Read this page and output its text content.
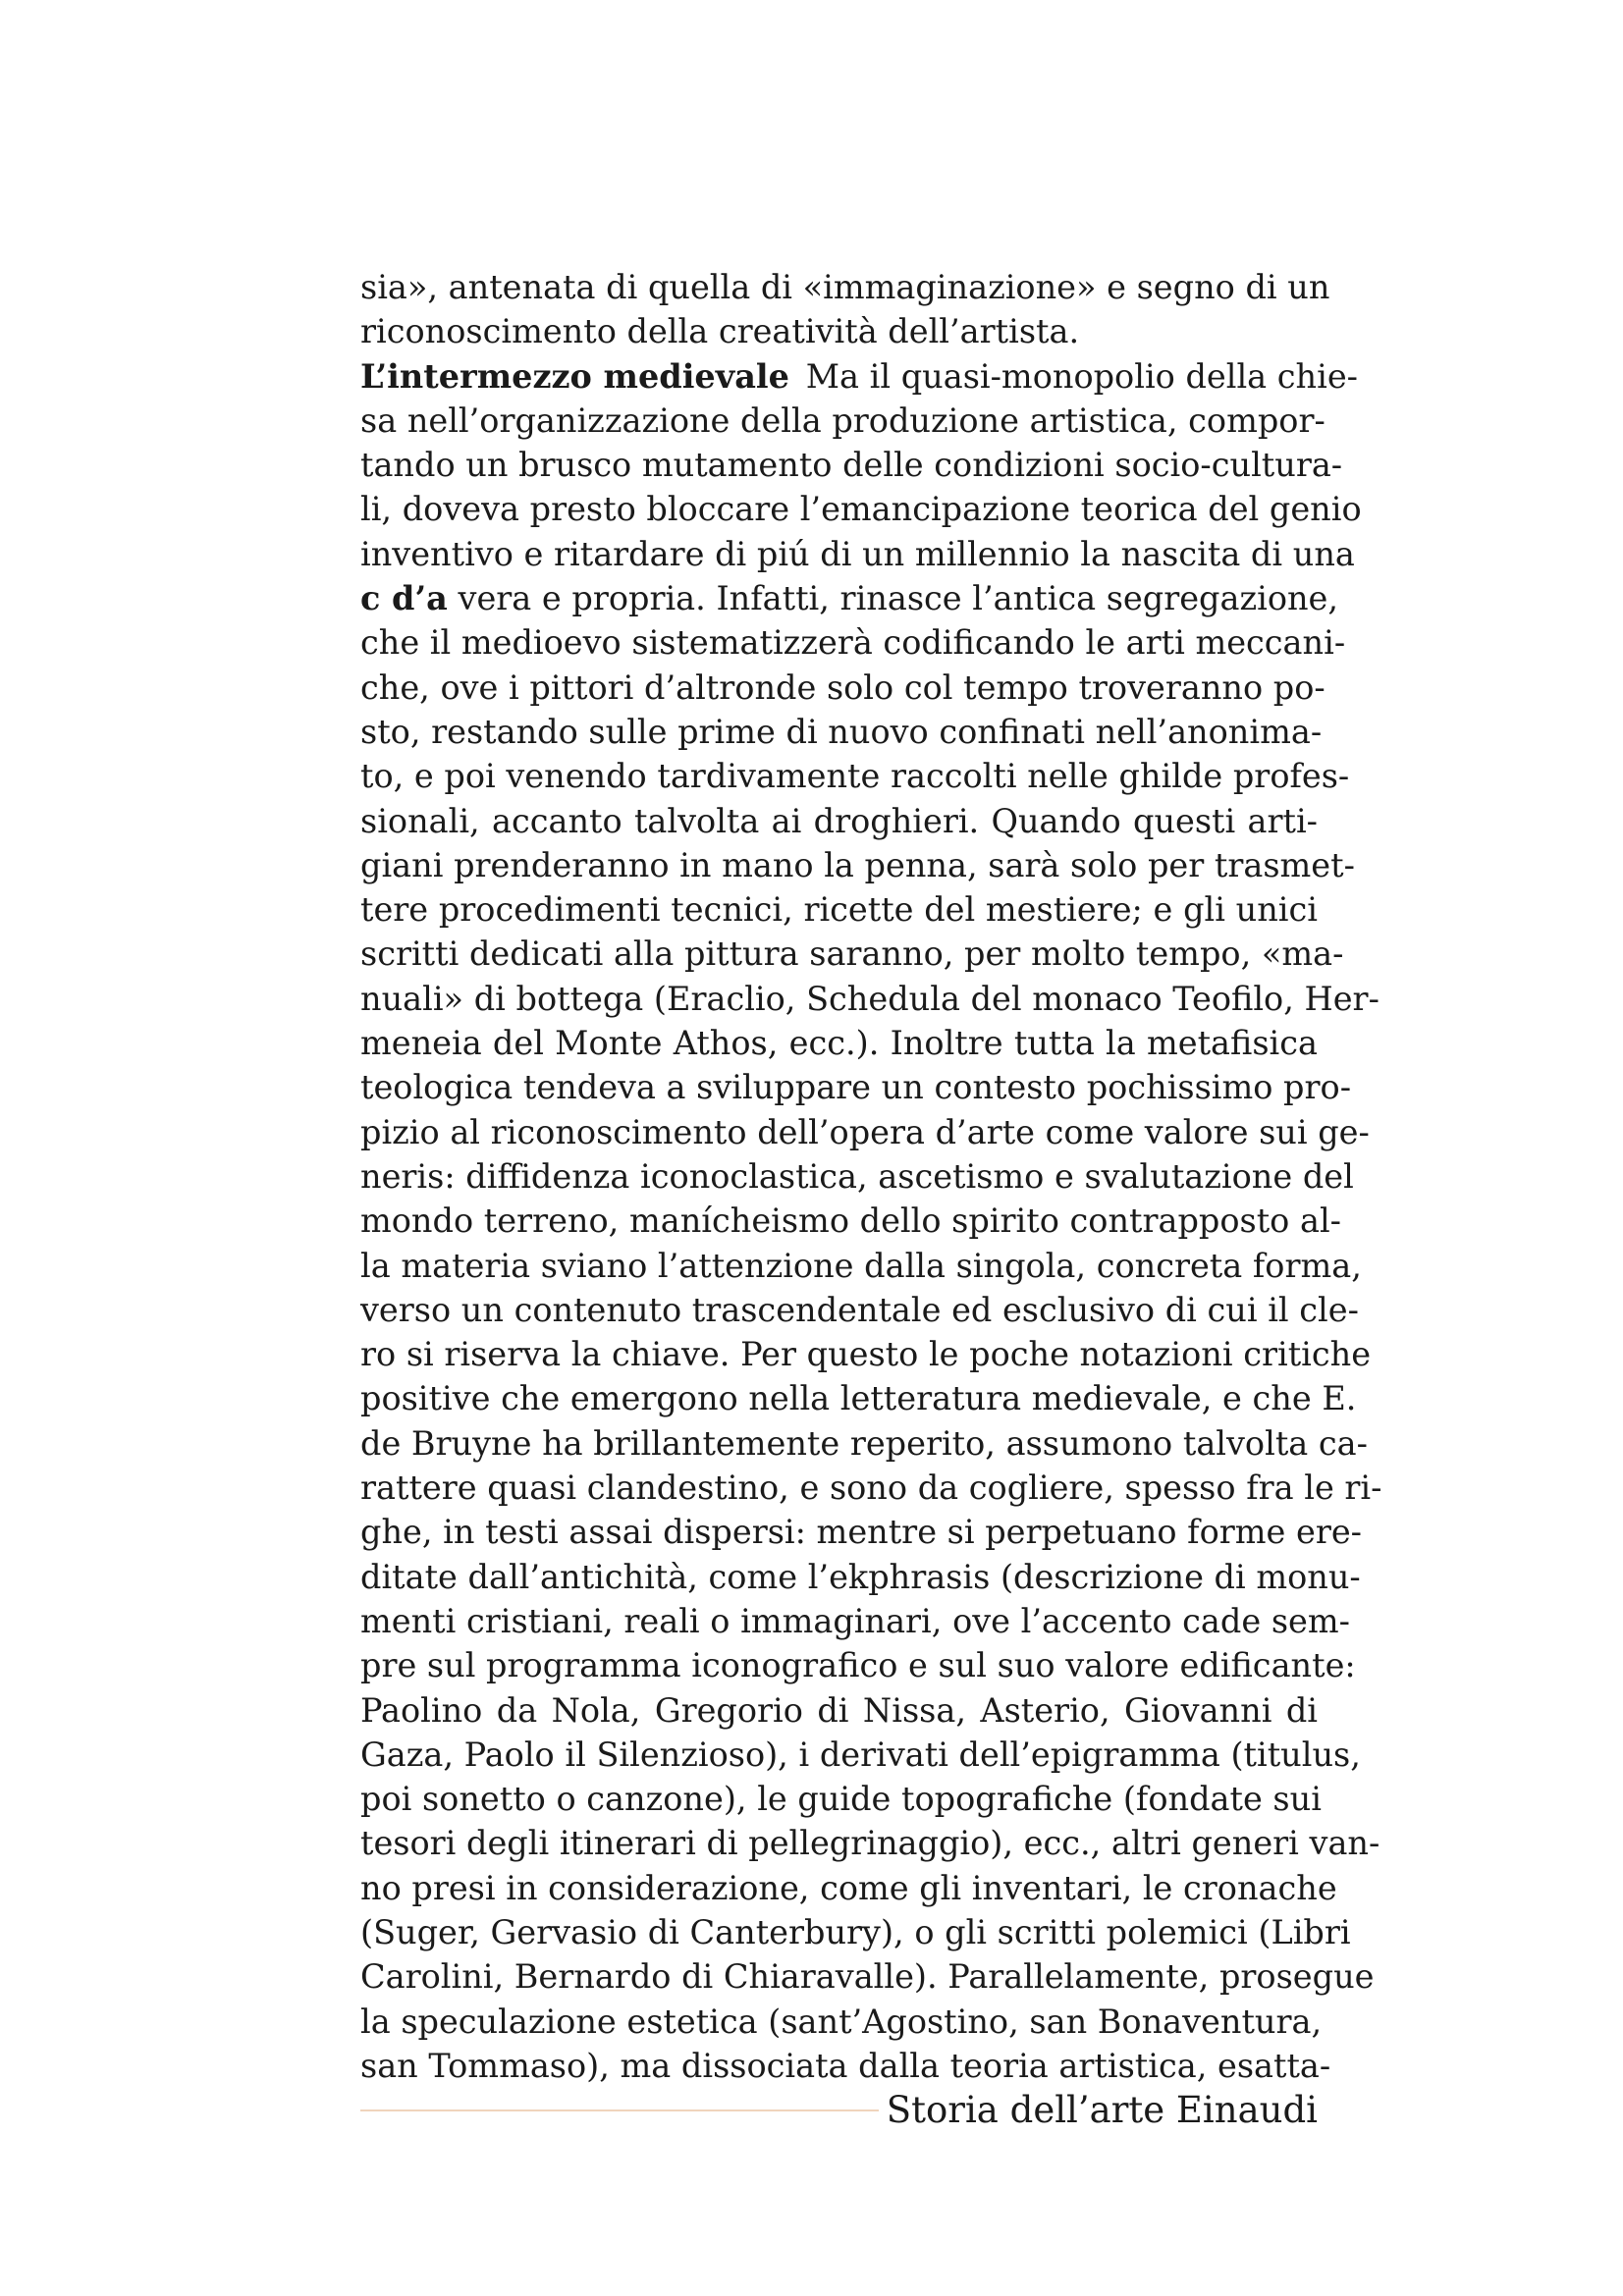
sia», antenata di quella di «immaginazione» e segno di un
riconoscimento della creatività dell’artista.
L’intermezzo medievale  Ma il quasi-monopolio della chie-
sa nell’organizzazione della produzione artistica, compor-
tando un brusco mutamento delle condizioni socio-cultura-
li, doveva presto bloccare l’emancipazione teorica del genio
inventivo e ritardare di piú di un millennio la nascita di una
c d’a vera e propria. Infatti, rinasce l’antica segregazione,
che il medioevo sistematizzerà codificando le arti meccani-
che, ove i pittori d’altronde solo col tempo troveranno po-
sto, restando sulle prime di nuovo confinati nell’anonima-
to, e poi venendo tardivamente raccolti nelle ghilde profes-
sionali, accanto talvolta ai droghieri. Quando questi arti-
giani prenderanno in mano la penna, sarà solo per trasmet-
tere procedimenti tecnici, ricette del mestiere; e gli unici
scritti dedicati alla pittura saranno, per molto tempo, «ma-
nuali» di bottega (Eraclio, Schedula del monaco Teofilo, Her-
meneia del Monte Athos, ecc.). Inoltre tutta la metafisica
teologica tendeva a sviluppare un contesto pochissimo pro-
pizio al riconoscimento dell’opera d’arte come valore sui ge-
neris: diffidenza iconoclastica, ascetismo e svalutazione del
mondo terreno, manícheismo dello spirito contrapposto al-
la materia sviano l’attenzione dalla singola, concreta forma,
verso un contenuto trascendentale ed esclusivo di cui il cle-
ro si riserva la chiave. Per questo le poche notazioni critiche
positive che emergono nella letteratura medievale, e che E.
de Bruyne ha brillantemente reperito, assumono talvolta ca-
rattere quasi clandestino, e sono da cogliere, spesso fra le ri-
ghe, in testi assai dispersi: mentre si perpetuano forme ere-
ditate dall’antichità, come l’ekphrasis (descrizione di monu-
menti cristiani, reali o immaginari, ove l’accento cade sem-
pre sul programma iconografico e sul suo valore edificante:
Paolino da Nola, Gregorio di Nissa, Asterio, Giovanni di
Gaza, Paolo il Silenzioso), i derivati dell’epigramma (titulus,
poi sonetto o canzone), le guide topografiche (fondate sui
tesori degli itinerari di pellegrinaggio), ecc., altri generi van-
no presi in considerazione, come gli inventari, le cronache
(Suger, Gervasio di Canterbury), o gli scritti polemici (Libri
Carolini, Bernardo di Chiaravalle). Parallelamente, prosegue
la speculazione estetica (sant’Agostino, san Bonaventura,
san Tommaso), ma dissociata dalla teoria artistica, esatta-
Storia dell’arte Einaudi
